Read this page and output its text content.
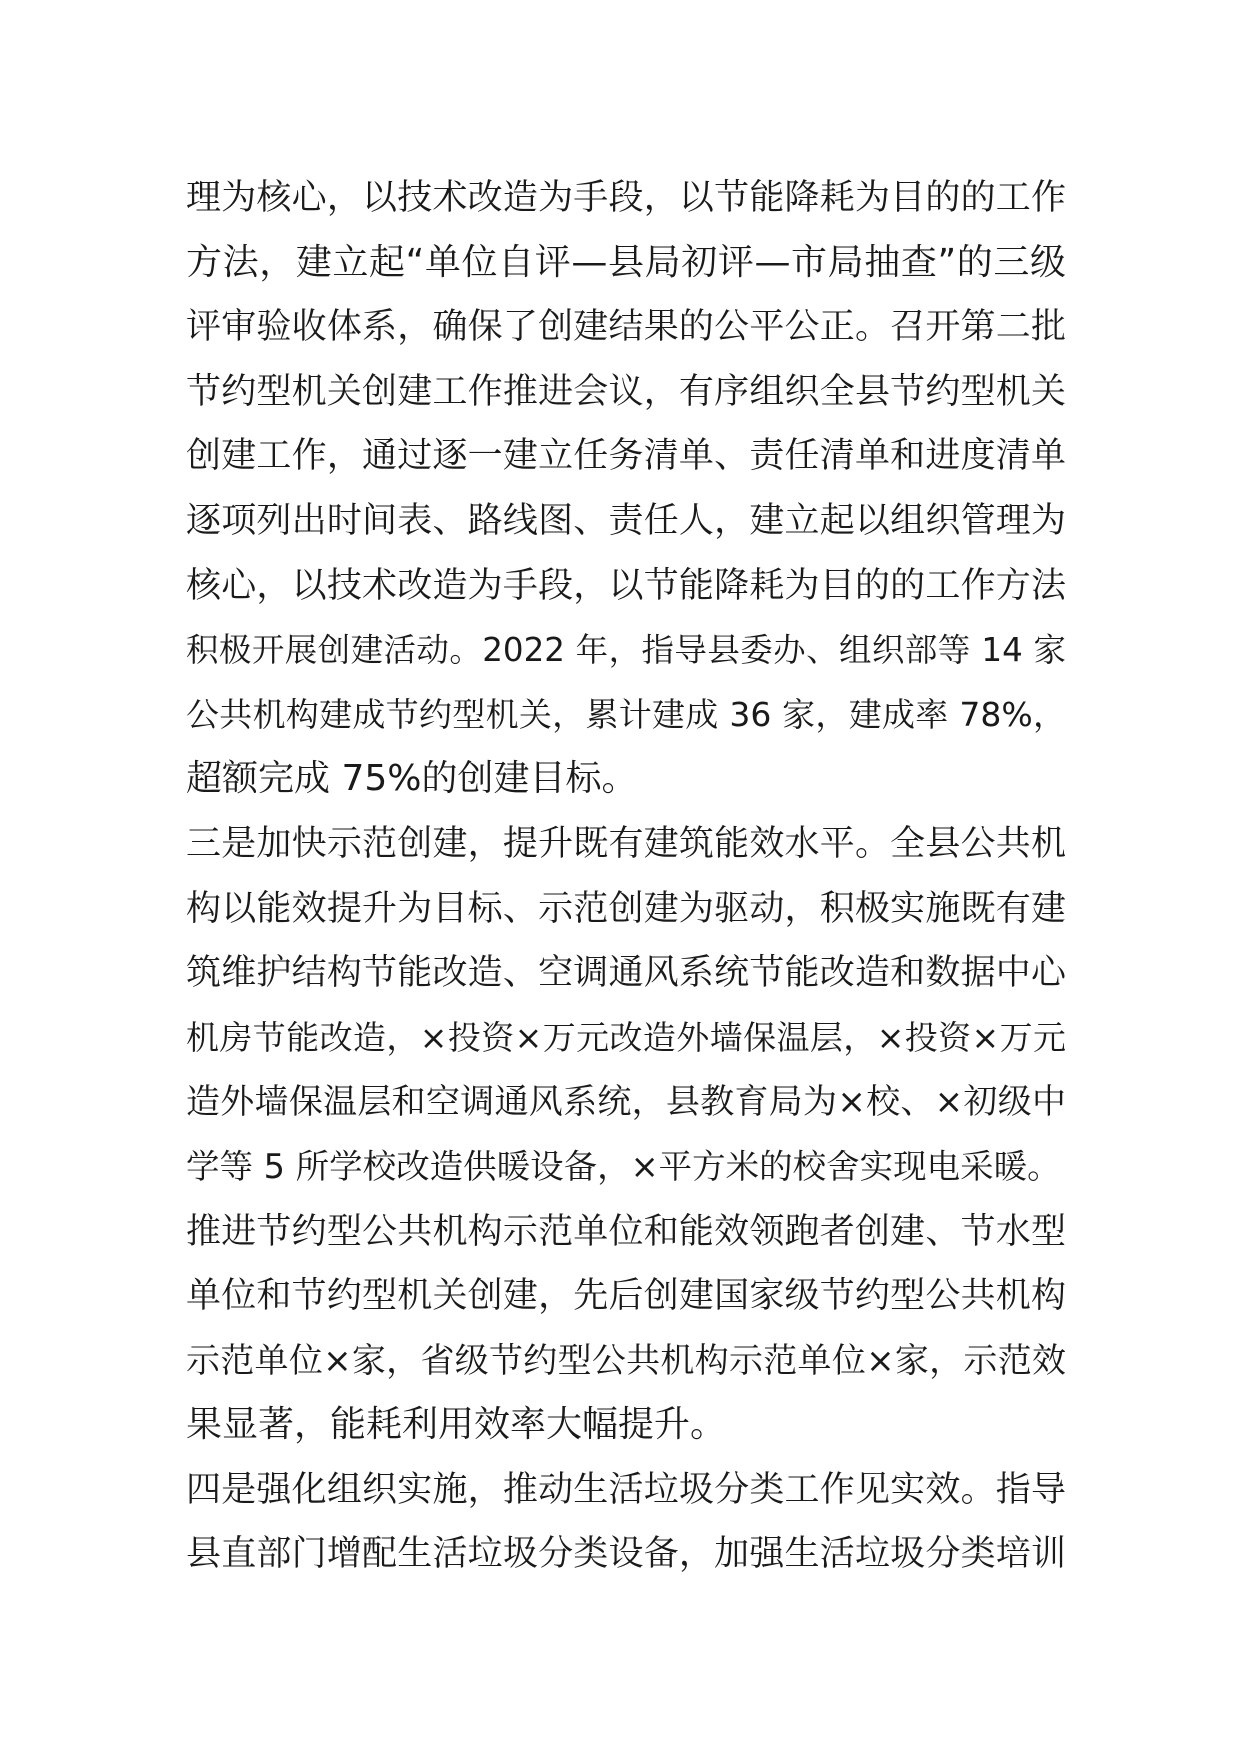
理为核心，以技术改造为手段，以节能降耗为目的的工作
方法，建立起“单位自评—县局初评—市局抽查”的三级
评审验收体系，确保了创建结果的公平公正。召开第二批
节约型机关创建工作推进会议，有序组织全县节约型机关
创建工作，通过逐一建立任务清单、责任清单和进度清单
逐项列出时间表、路线图、责任人，建立起以组织管理为
核心，以技术改造为手段，以节能降耗为目的的工作方法
积极开展创建活动。2022 年，指导县委办、组织部等 14 家
公共机构建成节约型机关，累计建成 36 家，建成率 78%，
超额完成 75%的创建目标。
三是加快示范创建，提升既有建筑能效水平。全县公共机
构以能效提升为目标、示范创建为驱动，积极实施既有建
筑维护结构节能改造、空调通风系统节能改造和数据中心
机房节能改造，×投资×万元改造外墙保温层，×投资×万元
造外墙保温层和空调通风系统，县教育局为×校、×初级中
学等 5 所学校改造供暖设备，×平方米的校舍实现电采暖。
推进节约型公共机构示范单位和能效领跑者创建、节水型
单位和节约型机关创建，先后创建国家级节约型公共机构
示范单位×家，省级节约型公共机构示范单位×家，示范效
果显著，能耗利用效率大幅提升。
四是强化组织实施，推动生活垃圾分类工作见实效。指导
县直部门增配生活垃圾分类设备，加强生活垃圾分类培训
